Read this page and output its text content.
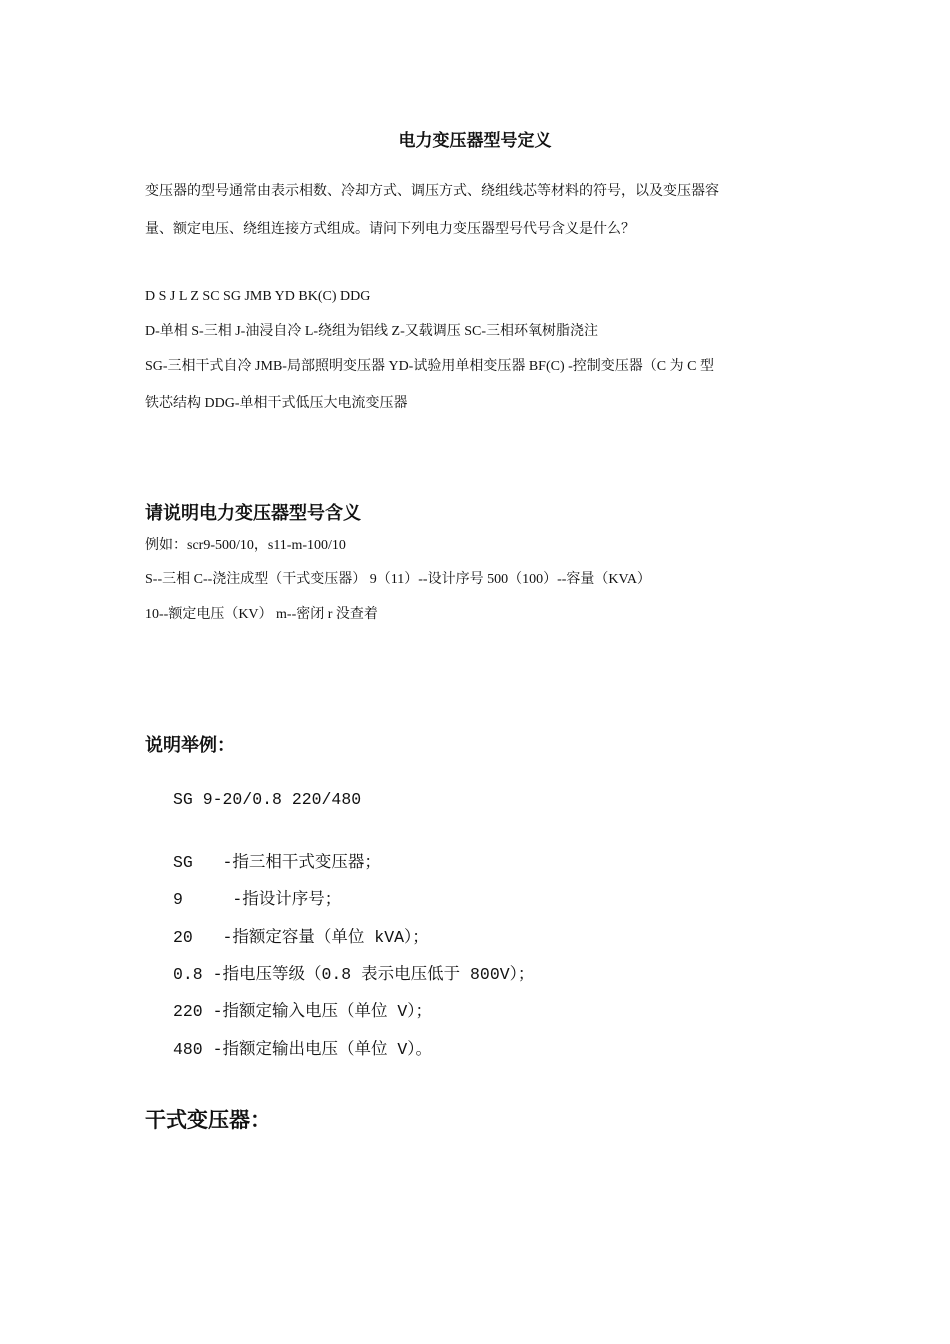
电力变压器型号定义

变压器的型号通常由表示相数、冷却方式、调压方式、绕组线芯等材料的符号，以及变压器容

量、额定电压、绕组连接方式组成。请问下列电力变压器型号代号含义是什么？

D S J L Z SC SG JMB YD BK(C) DDG

D-单相 S-三相 J-油浸自冷 L-绕组为铝线 Z-又载调压 SC-三相环氧树脂浇注

SG-三相干式自冷 JMB-局部照明变压器 YD-试验用单相变压器 BF(C) -控制变压器（C 为 C 型

铁芯结构 DDG-单相干式低压大电流变压器

请说明电力变压器型号含义

例如：scr9-500/10，s11-m-100/10

S--三相 C--浇注成型（干式变压器） 9（11）--设计序号 500（100）--容量（KVA）

10--额定电压（KV） m--密闭 r 没查着

说明举例：

SG 9-20/0.8 220/480

SG   -指三相干式变压器；

9     -指设计序号；

20   -指额定容量（单位 kVA）；

0.8 -指电压等级（0.8 表示电压低于 800V）；

220 -指额定输入电压（单位 V）；

480 -指额定输出电压（单位 V）。

干式变压器：
